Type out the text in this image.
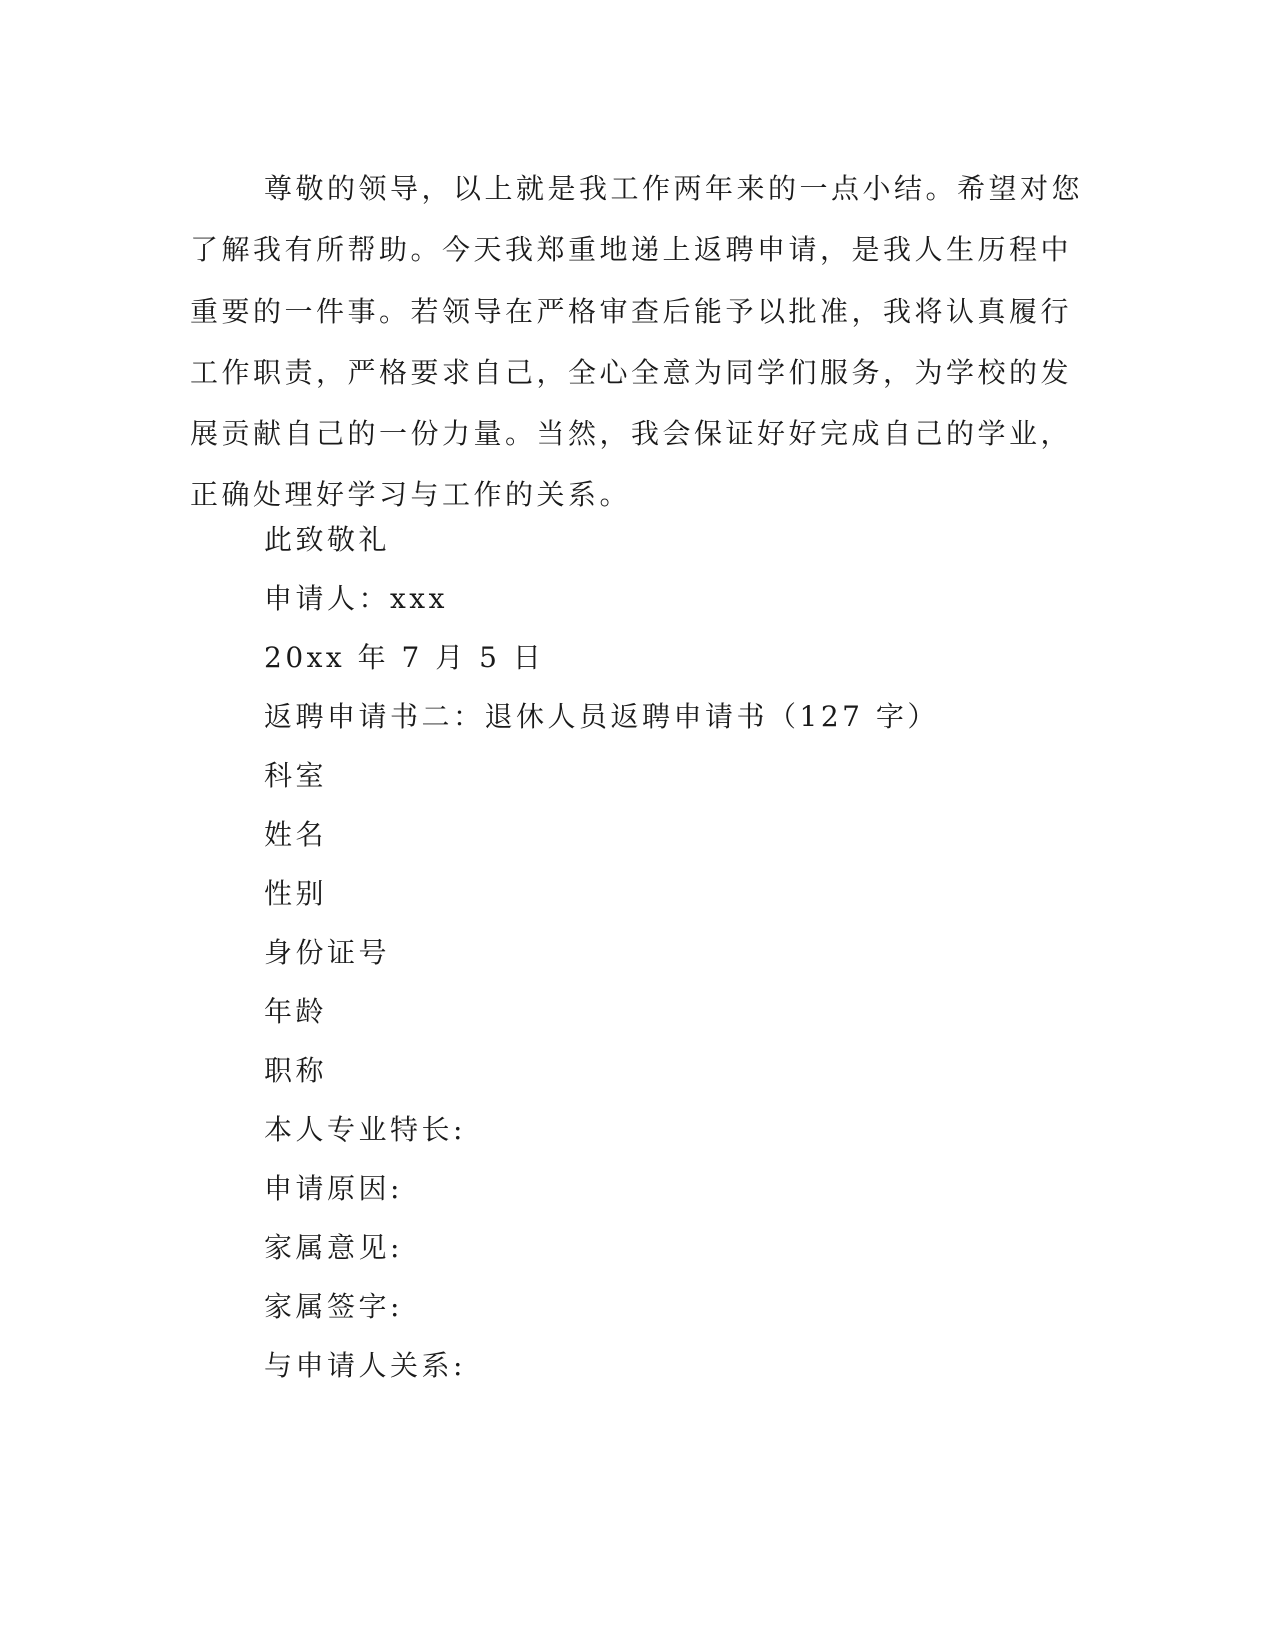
尊敬的领导，以上就是我工作两年来的一点小结。希望对您了解我有所帮助。今天我郑重地递上返聘申请，是我人生历程中重要的一件事。若领导在严格审查后能予以批准，我将认真履行工作职责，严格要求自己，全心全意为同学们服务，为学校的发展贡献自己的一份力量。当然，我会保证好好完成自己的学业，正确处理好学习与工作的关系。

此致敬礼

申请人：xxx

20xx 年 7 月 5 日

返聘申请书二：退休人员返聘申请书（127 字）

科室

姓名

性别

身份证号

年龄

职称

本人专业特长:

申请原因:

家属意见:

家属签字:

与申请人关系:
